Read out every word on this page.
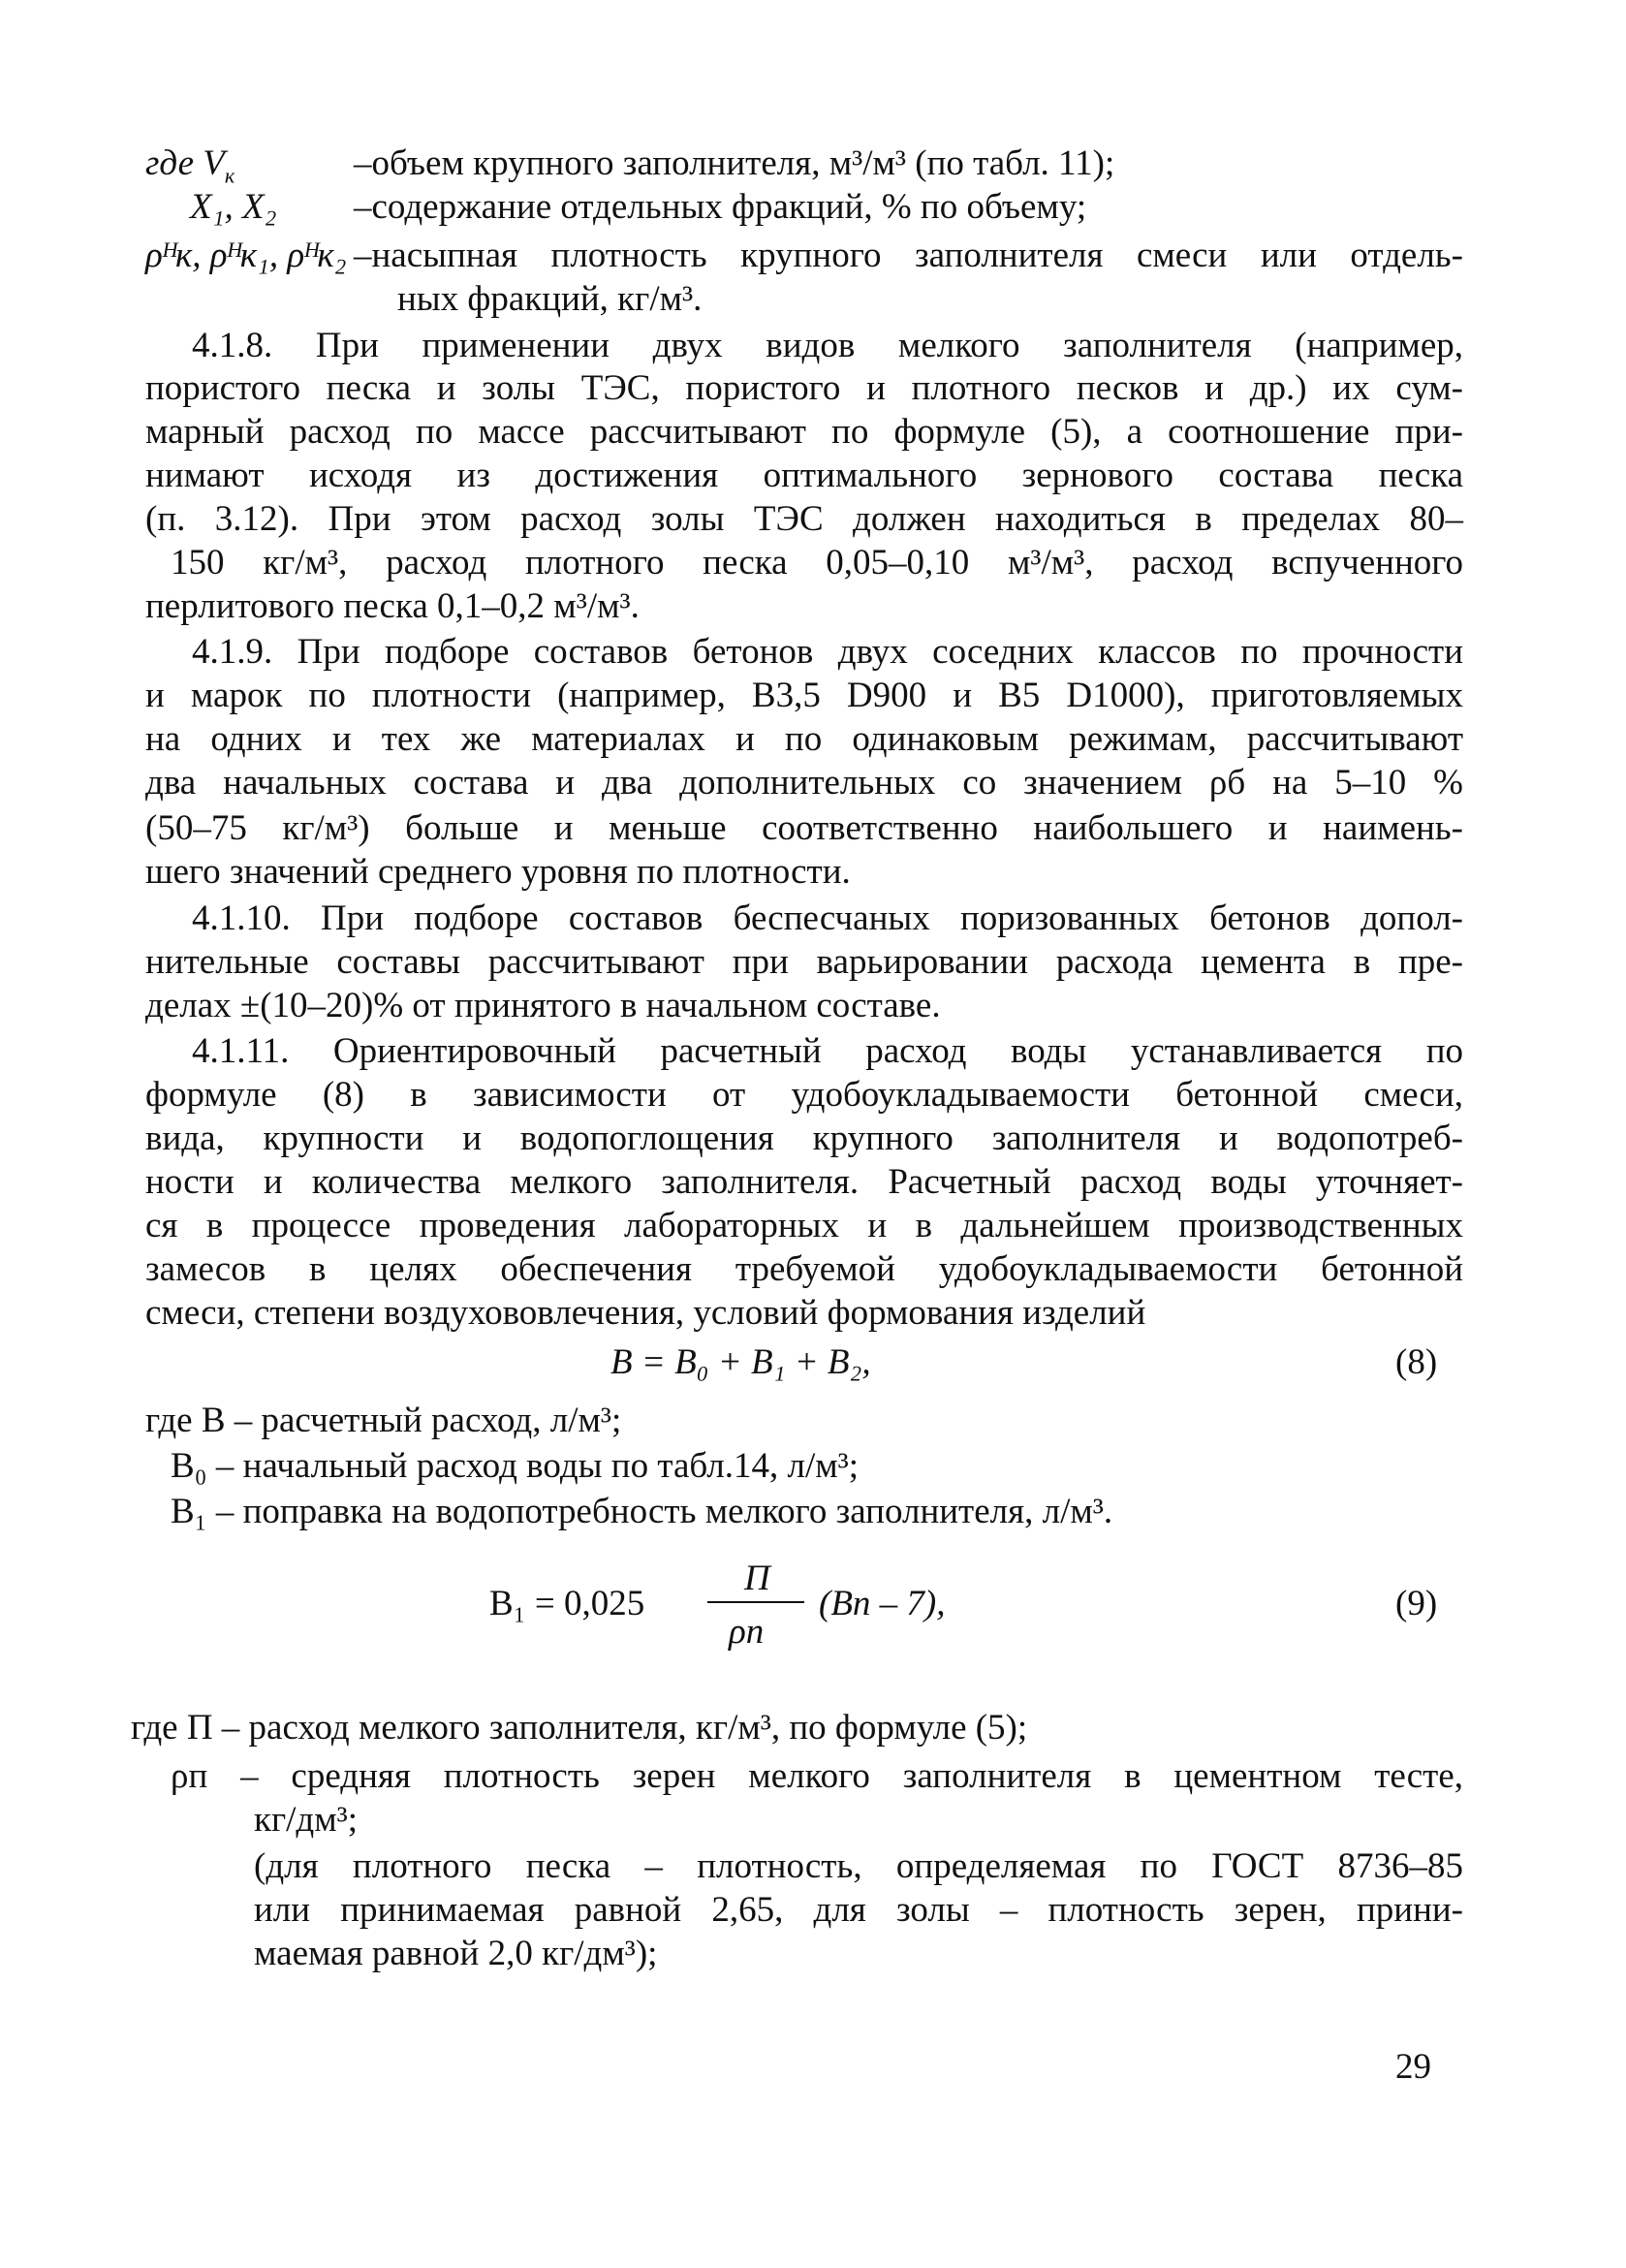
где $V_к$	–объем крупного заполнителя, м³/м³ (по табл. 11);
X₁, X₂ –содержание отдельных фракций, % по объему;
ρᴴк, ρᴴк₁, ρᴴк₂ –насыпная плотность крупного заполнителя смеси или отдель-
ных фракций, кг/м³.
4.1.8. При применении двух видов мелкого заполнителя (например,
пористого песка и золы ТЭС, пористого и плотного песков и др.) их сум-
марный расход по массе рассчитывают по формуле (5), а соотношение при-
нимают исходя из достижения оптимального зернового состава песка
(п. 3.12). При этом расход золы ТЭС должен находиться в пределах 80–
150 кг/м³, расход плотного песка 0,05–0,10 м³/м³, расход вспученного
перлитового песка 0,1–0,2 м³/м³.
4.1.9. При подборе составов бетонов двух соседних классов по прочности
и марок по плотности (например, В3,5 D900 и В5 D1000), приготовляемых
на одних и тех же материалах и по одинаковым режимам, рассчитывают
два начальных состава и два дополнительных со значением ρб на 5–10 %
(50–75 кг/м³) больше и меньше соответственно наибольшего и наимень-
шего значений среднего уровня по плотности.
4.1.10. При подборе составов беспесчаных поризованных бетонов допол-
нительные составы рассчитывают при варьировании расхода цемента в пре-
делах ±(10–20)% от принятого в начальном составе.
4.1.11. Ориентировочный расчетный расход воды устанавливается по
формуле (8) в зависимости от удобоукладываемости бетонной смеси,
вида, крупности и водопоглощения крупного заполнителя и водопотреб-
ности и количества мелкого заполнителя. Расчетный расход воды уточняет-
ся в процессе проведения лабораторных и в дальнейшем производственных
замесов в целях обеспечения требуемой удобоукладываемости бетонной
смеси, степени воздухововлечения, условий формования изделий
В = В₀ + В₁ + В₂,	(8)
где В – расчетный расход, л/м³;
В₀ – начальный расход воды по табл.14, л/м³;
В₁ – поправка на водопотребность мелкого заполнителя, л/м³.
В₁ = 0,025
П
ρп
(Вп – 7),	(9)
где П – расход мелкого заполнителя, кг/м³, по формуле (5);
ρп – средняя плотность зерен мелкого заполнителя в цементном тесте,
кг/дм³;
(для плотного песка – плотность, определяемая по ГОСТ 8736–85
или принимаемая равной 2,65, для золы – плотность зерен, прини-
маемая равной 2,0 кг/дм³);
29
